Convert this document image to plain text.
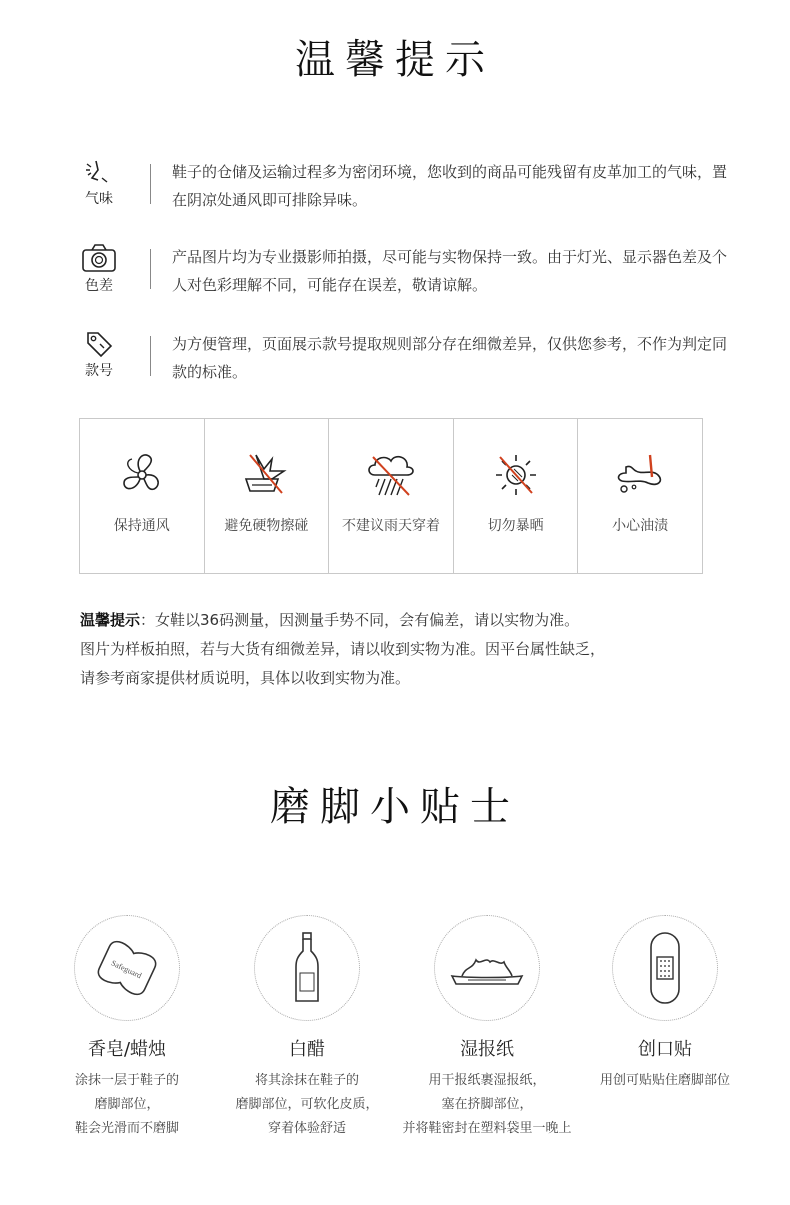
温馨提示
气味
鞋子的仓储及运输过程多为密闭环境，您收到的商品可能残留有皮革加工的气味，置在阴凉处通风即可排除异味。
色差
产品图片均为专业摄影师拍摄，尽可能与实物保持一致。由于灯光、显示器色差及个人对色彩理解不同，可能存在误差，敬请谅解。
款号
为方便管理，页面展示款号提取规则部分存在细微差异，仅供您参考，不作为判定同款的标准。
保持通风	避免硬物擦碰	不建议雨天穿着	切勿暴晒	小心油渍
温馨提示：女鞋以36码测量，因测量手势不同，会有偏差，请以实物为准。
图片为样板拍照，若与大货有细微差异，请以收到实物为准。因平台属性缺乏，
请参考商家提供材质说明，具体以收到实物为准。
磨脚小贴士
Safeguard
香皂/蜡烛
涂抹一层于鞋子的
磨脚部位，
鞋会光滑而不磨脚
白醋
将其涂抹在鞋子的
磨脚部位，可软化皮质，
穿着体验舒适
湿报纸
用干报纸裹湿报纸，
塞在挤脚部位，
并将鞋密封在塑料袋里一晚上
创口贴
用创可贴贴住磨脚部位
